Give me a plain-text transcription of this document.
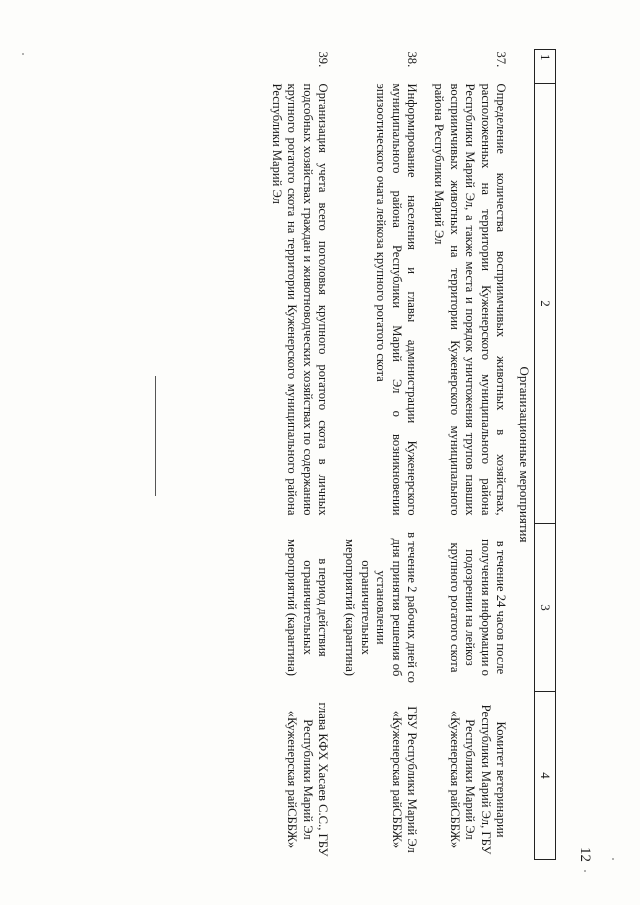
12
1	2	3	4
Организационные мероприятия			
37.	Определение количества восприимчивых животных в хозяйствах, расположенных на территории Куженерского муниципального района Республики Марий Эл, а также места и порядок уничтожения трупов павших восприимчивых животных на территории Куженерского муниципального района Республики Марий Эл	в течение 24 часов после получения информации о подозрении на лейкоз крупного рогатого скота	Комитет ветеринарии Республики Марий Эл, ГБУ Республики Марий Эл «Куженерская райСББЖ»
38.	Информирование населения и главы администрации Куженерского муниципального района Республики Марий Эл о возникновении эпизоотического очага лейкоза крупного рогатого скота	в течение 2 рабочих дней со дня принятия решения об установлении ограничительных мероприятий (карантина)	ГБУ Республики Марий Эл «Куженерская райСББЖ»
39.	Организация учета всего поголовья крупного рогатого скота в личных подсобных хозяйствах граждан и животноводческих хозяйствах по содержанию крупного рогатого скота на территории Куженерского муниципального района Республики Марий Эл	в период действия ограничительных мероприятий (карантина)	глава КФХ Хасаев С.С., ГБУ Республики Марий Эл «Куженерская райСББЖ»
